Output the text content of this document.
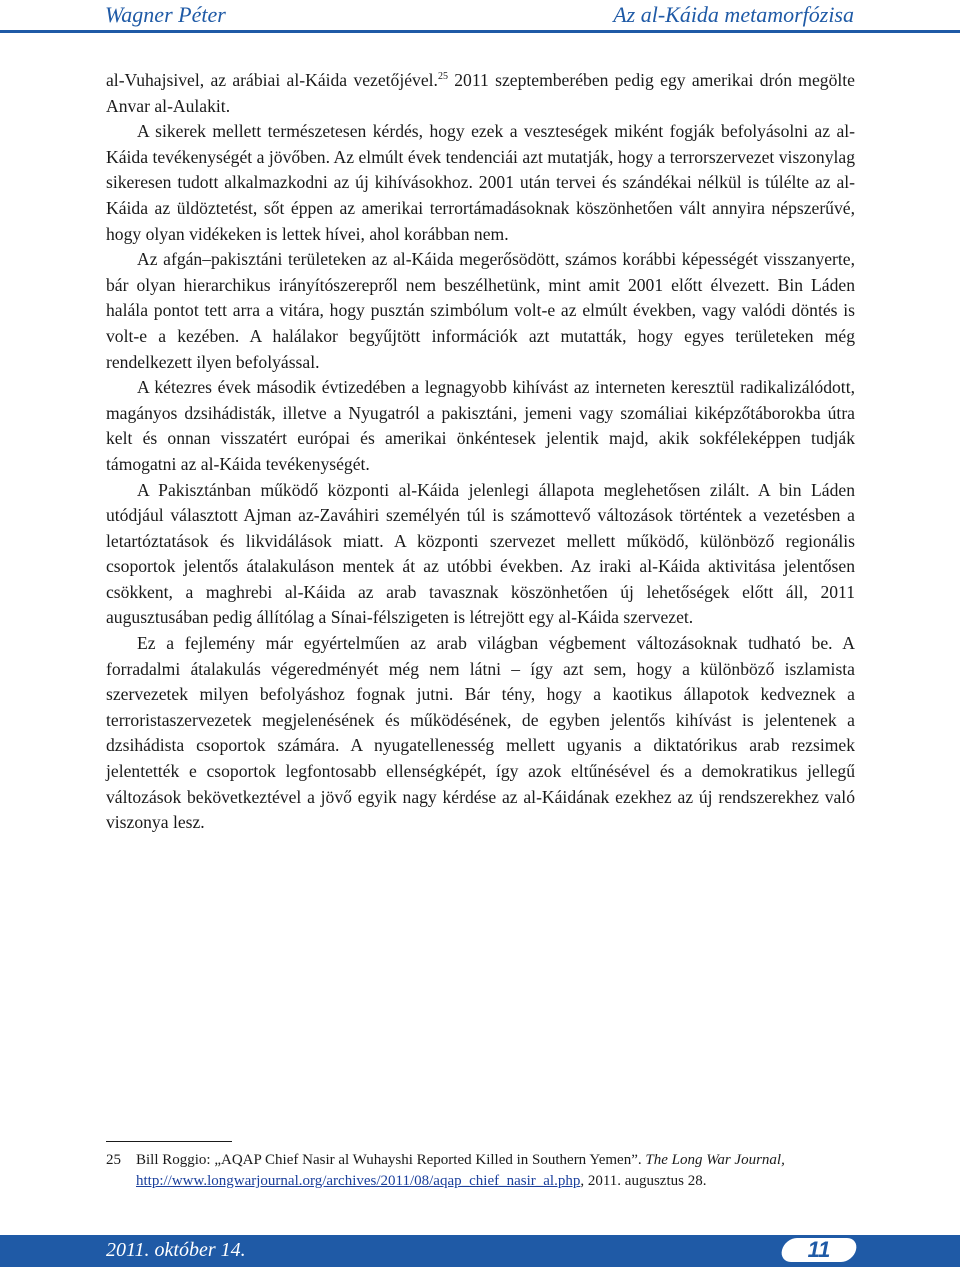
Wagner Péter	Az al-Káida metamorfózisa

al-Vuhajsivel, az arábiai al-Káida vezetőjével.$^{25}$ 2011 szeptemberében pedig egy amerikai drón megölte Anvar al-Aulakit.

A sikerek mellett természetesen kérdés, hogy ezek a veszteségek miként fogják befolyásolni az al-Káida tevékenységét a jövőben. Az elmúlt évek tendenciái azt mutatják, hogy a terrorszervezet viszonylag sikeresen tudott alkalmazkodni az új kihívásokhoz. 2001 után tervei és szándékai nélkül is túlélte az al-Káida az üldöztetést, sőt éppen az amerikai terrortámadásoknak köszönhetően vált annyira népszerűvé, hogy olyan vidékeken is lettek hívei, ahol korábban nem.

Az afgán–pakisztáni területeken az al-Káida megerősödött, számos korábbi képességét visszanyerte, bár olyan hierarchikus irányítószerepről nem beszélhetünk, mint amit 2001 előtt élvezett. Bin Láden halála pontot tett arra a vitára, hogy pusztán szimbólum volt-e az elmúlt években, vagy valódi döntés is volt-e a kezében. A halálakor begyűjtött információk azt mutatták, hogy egyes területeken még rendelkezett ilyen befolyással.

A kétezres évek második évtizedében a legnagyobb kihívást az interneten keresztül radikalizálódott, magányos dzsihádisták, illetve a Nyugatról a pakisztáni, jemeni vagy szomáliai kiképzőtáborokba útra kelt és onnan visszatért európai és amerikai önkéntesek jelentik majd, akik sokféleképpen tudják támogatni az al-Káida tevékenységét.

A Pakisztánban működő központi al-Káida jelenlegi állapota meglehetősen zilált. A bin Láden utódjául választott Ajman az-Zaváhiri személyén túl is számottevő változások történtek a vezetésben a letartóztatások és likvidálások miatt. A központi szervezet mellett működő, különböző regionális csoportok jelentős átalakuláson mentek át az utóbbi években. Az iraki al-Káida aktivitása jelentősen csökkent, a maghrebi al-Káida az arab tavasznak köszönhetően új lehetőségek előtt áll, 2011 augusztusában pedig állítólag a Sínai-félszigeten is létrejött egy al-Káida szervezet.

Ez a fejlemény már egyértelműen az arab világban végbement változásoknak tudható be. A forradalmi átalakulás végeredményét még nem látni – így azt sem, hogy a különböző iszlamista szervezetek milyen befolyáshoz fognak jutni. Bár tény, hogy a kaotikus állapotok kedveznek a terroristaszervezetek megjelenésének és működésének, de egyben jelentős kihívást is jelentenek a dzsihádista csoportok számára. A nyugatellenesség mellett ugyanis a diktatórikus arab rezsimek jelentették e csoportok legfontosabb ellenségképét, így azok eltűnésével és a demokratikus jellegű változások bekövetkeztével a jövő egyik nagy kérdése az al-Káidának ezekhez az új rendszerekhez való viszonya lesz.

25 Bill Roggio: „AQAP Chief Nasir al Wuhayshi Reported Killed in Southern Yemen”. The Long War Journal, http://www.longwarjournal.org/archives/2011/08/aqap_chief_nasir_al.php, 2011. augusztus 28.
2011. október 14.	11
